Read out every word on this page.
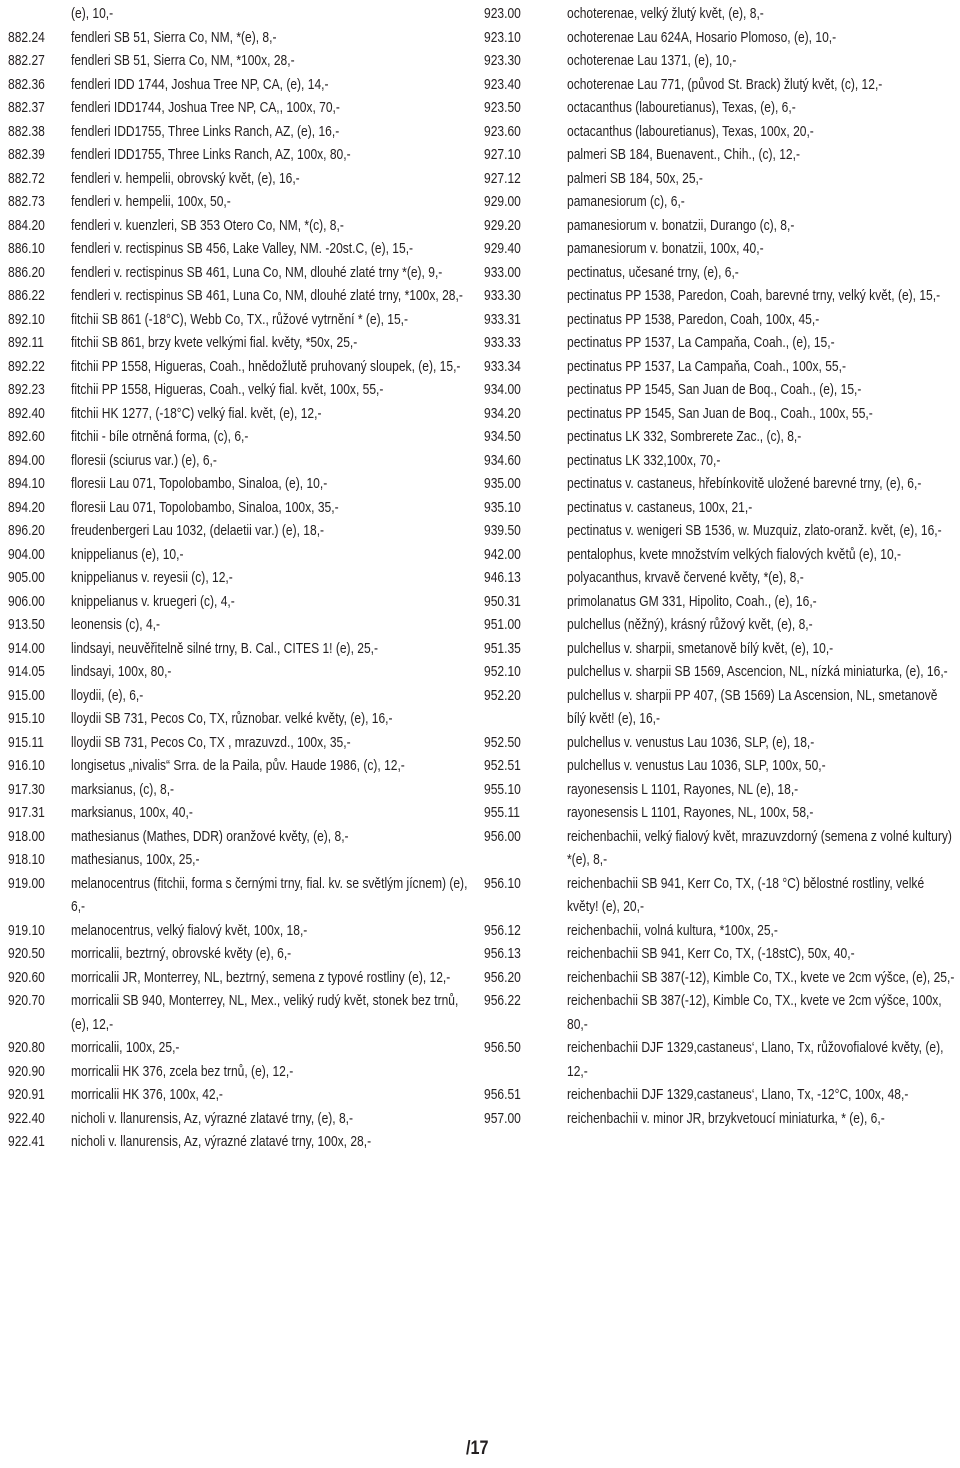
(e), 10,-
882.24	fendleri SB 51, Sierra Co, NM, *(e), 8,-
882.27	fendleri SB 51, Sierra Co, NM, *100x, 28,-
882.36	fendleri IDD 1744, Joshua Tree NP, CA, (e), 14,-
882.37	fendleri IDD1744, Joshua Tree NP, CA,, 100x, 70,-
882.38	fendleri IDD1755, Three Links Ranch, AZ, (e), 16,-
882.39	fendleri IDD1755, Three Links Ranch, AZ, 100x, 80,-
882.72	fendleri v. hempelii, obrovský květ, (e), 16,-
882.73	fendleri v. hempelii, 100x, 50,-
884.20	fendleri v. kuenzleri, SB 353 Otero Co, NM, *(c), 8,-
886.10	fendleri v. rectispinus SB 456, Lake Valley, NM. -20st.C, (e), 15,-
886.20	fendleri v. rectispinus SB 461, Luna Co, NM, dlouhé zlaté trny *(e), 9,-
886.22	fendleri v. rectispinus SB 461, Luna Co, NM, dlouhé zlaté trny, *100x, 28,-
892.10	fitchii SB 861 (-18°C), Webb Co, TX., růžové vytrnění * (e), 15,-
892.11	fitchii SB 861, brzy kvete velkými fial. květy, *50x, 25,-
892.22	fitchii PP 1558, Higueras, Coah., hnědožlutě pruhovaný sloupek, (e), 15,-
892.23	fitchii PP 1558, Higueras, Coah., velký fial. květ, 100x, 55,-
892.40	fitchii HK 1277, (-18°C) velký fial. květ, (e), 12,-
892.60	fitchii - bíle otrněná forma, (c), 6,-
894.00	floresii (sciurus var.) (e), 6,-
894.10	floresii Lau 071, Topolobambo, Sinaloa, (e), 10,-
894.20	floresii Lau 071, Topolobambo, Sinaloa, 100x, 35,-
896.20	freudenbergeri Lau 1032, (delaetii var.) (e), 18,-
904.00	knippelianus (e), 10,-
905.00	knippelianus v. reyesii (c), 12,-
906.00	knippelianus v. kruegeri (c), 4,-
913.50	leonensis (c), 4,-
914.00	lindsayi, neuvěřitelně silné trny, B. Cal., CITES 1! (e), 25,-
914.05	lindsayi, 100x, 80,-
915.00	lloydii, (e), 6,-
915.10	lloydii SB 731, Pecos Co, TX, různobar. velké květy, (e), 16,-
915.11	lloydii SB 731, Pecos Co, TX , mrazuvzd., 100x, 35,-
916.10	longisetus „nivalis“ Srra. de la Paila, pův. Haude 1986, (c), 12,-
917.30	marksianus, (c), 8,-
917.31	marksianus, 100x, 40,-
918.00	mathesianus (Mathes, DDR) oranžové květy, (e), 8,-
918.10	mathesianus, 100x, 25,-
919.00	melanocentrus (fitchii, forma s černými trny, fial. kv. se světlým jícnem) (e), 6,-
919.10	melanocentrus, velký fialový květ, 100x, 18,-
920.50	morricalii, beztrný, obrovské květy (e), 6,-
920.60	morricalii JR, Monterrey, NL, beztrný, semena z typové rostliny (e), 12,-
920.70	morricalii SB 940, Monterrey, NL, Mex., veliký rudý květ, stonek bez trnů, (e), 12,-
920.80	morricalii, 100x, 25,-
920.90	morricalii HK 376, zcela bez trnů, (e), 12,-
920.91	morricalii HK 376, 100x, 42,-
922.40	nicholi v. llanurensis, Az, výrazné zlatavé trny, (e), 8,-
922.41	nicholi v. llanurensis, Az, výrazné zlatavé trny, 100x, 28,-
923.00	ochoterenae, velký žlutý květ, (e), 8,-
923.10	ochoterenae Lau 624A, Hosario Plomoso, (e), 10,-
923.30	ochoterenae Lau 1371, (e), 10,-
923.40	ochoterenae Lau 771, (původ St. Brack) žlutý květ, (c), 12,-
923.50	octacanthus (labouretianus), Texas, (e), 6,-
923.60	octacanthus (labouretianus), Texas, 100x, 20,-
927.10	palmeri SB 184, Buenavent., Chih., (c), 12,-
927.12	palmeri SB 184, 50x, 25,-
929.00	pamanesiorum (c), 6,-
929.20	pamanesiorum v. bonatzii, Durango (c), 8,-
929.40	pamanesiorum v. bonatzii, 100x, 40,-
933.00	pectinatus, učesané trny, (e), 6,-
933.30	pectinatus PP 1538, Paredon, Coah, barevné trny, velký květ, (e), 15,-
933.31	pectinatus PP 1538, Paredon, Coah, 100x, 45,-
933.33	pectinatus PP 1537, La Campaňa, Coah., (e), 15,-
933.34	pectinatus PP 1537, La Campaňa, Coah., 100x, 55,-
934.00	pectinatus PP 1545, San Juan de Boq., Coah., (e), 15,-
934.20	pectinatus PP 1545, San Juan de Boq., Coah., 100x, 55,-
934.50	pectinatus LK 332, Sombrerete Zac., (c), 8,-
934.60	pectinatus LK 332,100x, 70,-
935.00	pectinatus v. castaneus, hřebínkovitě uložené barevné trny, (e), 6,-
935.10	pectinatus v. castaneus, 100x, 21,-
939.50	pectinatus v. wenigeri SB 1536, w. Muzquiz, zlato-oranž. květ, (e), 16,-
942.00	pentalophus, kvete množstvím velkých fialových květů (e), 10,-
946.13	polyacanthus, krvavě červené květy, *(e), 8,-
950.31	primolanatus GM 331, Hipolito, Coah., (e), 16,-
951.00	pulchellus (něžný), krásný růžový květ, (e), 8,-
951.35	pulchellus v. sharpii, smetanově bílý květ, (e), 10,-
952.10	pulchellus v. sharpii SB 1569, Ascencion, NL, nízká miniaturka, (e), 16,-
952.20	pulchellus v. sharpii PP 407, (SB 1569) La Ascension, NL, smetanově bílý květ! (e), 16,-
952.50	pulchellus v. venustus Lau 1036, SLP, (e), 18,-
952.51	pulchellus v. venustus Lau 1036, SLP, 100x, 50,-
955.10	rayonesensis L 1101, Rayones, NL (e), 18,-
955.11	rayonesensis L 1101, Rayones, NL, 100x, 58,-
956.00	reichenbachii, velký fialový květ, mrazuvzdorný (semena z volné kultury) *(e), 8,-
956.10	reichenbachii SB 941, Kerr Co, TX, (-18 °C) bělostné rostliny, velké květy! (e), 20,-
956.12	reichenbachii, volná kultura, *100x, 25,-
956.13	reichenbachii SB 941, Kerr Co, TX, (-18stC), 50x, 40,-
956.20	reichenbachii SB 387(-12), Kimble Co, TX., kvete ve 2cm výšce, (e), 25,-
956.22	reichenbachii SB 387(-12), Kimble Co, TX., kvete ve 2cm výšce, 100x, 80,-
956.50	reichenbachii DJF 1329,castaneus‘, Llano, Tx, růžovofialové květy, (e), 12,-
956.51	reichenbachii DJF 1329,castaneus‘, Llano, Tx, -12°C, 100x, 48,-
957.00	reichenbachii v. minor JR, brzykvetoucí miniaturka, * (e), 6,-
/17
